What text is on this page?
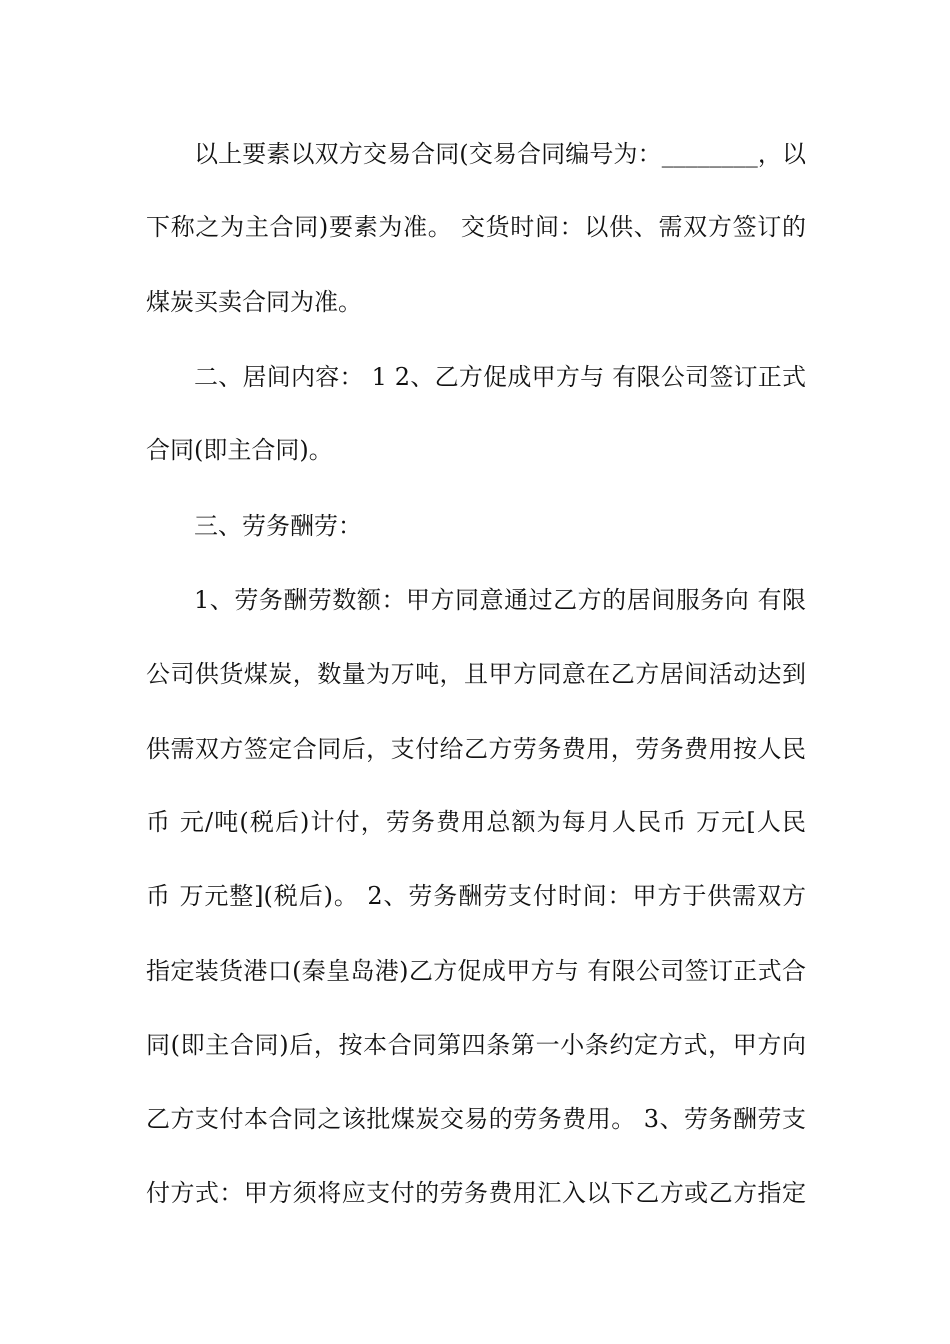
以上要素以双方交易合同(交易合同编号为：________，以
下称之为主合同)要素为准。 交货时间：以供、需双方签订的
煤炭买卖合同为准。
二、居间内容： 1 2、乙方促成甲方与 有限公司签订正式
合同(即主合同)。
三、劳务酬劳：
1、劳务酬劳数额：甲方同意通过乙方的居间服务向 有限
公司供货煤炭，数量为万吨，且甲方同意在乙方居间活动达到
供需双方签定合同后，支付给乙方劳务费用，劳务费用按人民
币 元/吨(税后)计付，劳务费用总额为每月人民币 万元[人民
币 万元整](税后)。 2、劳务酬劳支付时间：甲方于供需双方
指定装货港口(秦皇岛港)乙方促成甲方与 有限公司签订正式合
同(即主合同)后，按本合同第四条第一小条约定方式，甲方向
乙方支付本合同之该批煤炭交易的劳务费用。 3、劳务酬劳支
付方式：甲方须将应支付的劳务费用汇入以下乙方或乙方指定
